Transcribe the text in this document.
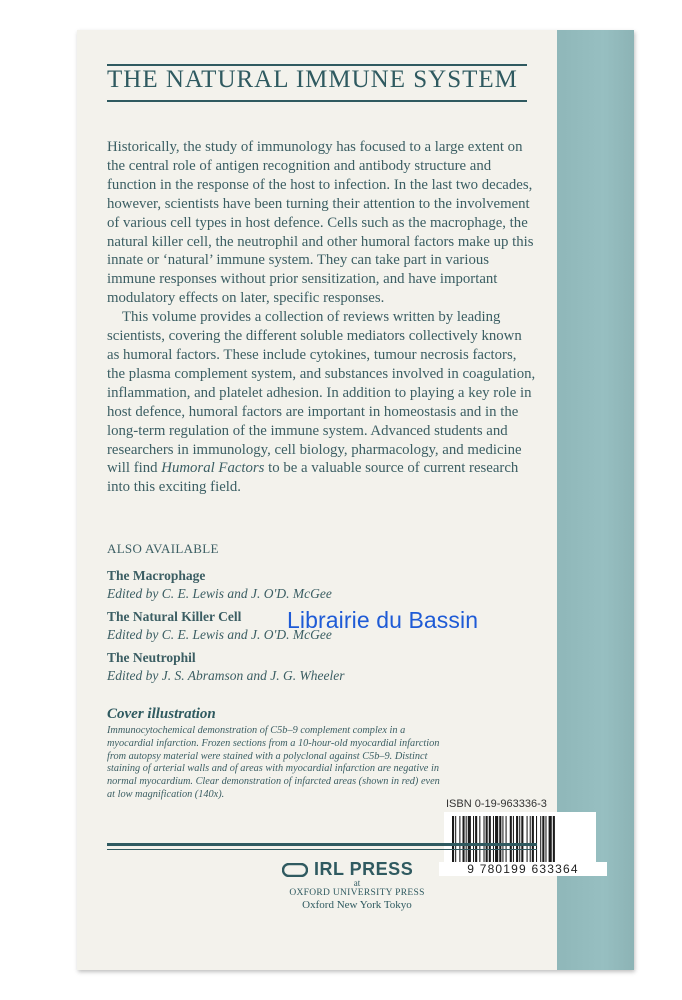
THE NATURAL IMMUNE SYSTEM

Historically, the study of immunology has focused to a large extent on the central role of antigen recognition and antibody structure and function in the response of the host to infection. In the last two decades, however, scientists have been turning their attention to the involvement of various cell types in host defence. Cells such as the macrophage, the natural killer cell, the neutrophil and other humoral factors make up this innate or ‘natural’ immune system. They can take part in various immune responses without prior sensitization, and have important modulatory effects on later, specific responses.

This volume provides a collection of reviews written by leading scientists, covering the different soluble mediators collectively known as humoral factors. These include cytokines, tumour necrosis factors, the plasma complement system, and substances involved in coagulation, inflammation, and platelet adhesion. In addition to playing a key role in host defence, humoral factors are important in homeostasis and in the long-term regulation of the immune system. Advanced students and researchers in immunology, cell biology, pharmacology, and medicine will find Humoral Factors to be a valuable source of current research into this exciting field.

ALSO AVAILABLE
The Macrophage
Edited by C. E. Lewis and J. O'D. McGee
The Natural Killer Cell
Edited by C. E. Lewis and J. O'D. McGee
The Neutrophil
Edited by J. S. Abramson and J. G. Wheeler
Cover illustration
Immunocytochemical demonstration of C5b–9 complement complex in a myocardial infarction. Frozen sections from a 10-hour-old myocardial infarction from autopsy material were stained with a polyclonal against C5b–9. Distinct staining of arterial walls and of areas with myocardial infarction are negative in normal myocardium. Clear demonstration of infarcted areas (shown in red) even at low magnification (140x).
ISBN 0-19-963336-3
9 780199 633364
IRL PRESS
at
OXFORD UNIVERSITY PRESS
Oxford New York Tokyo
Librairie du Bassin
